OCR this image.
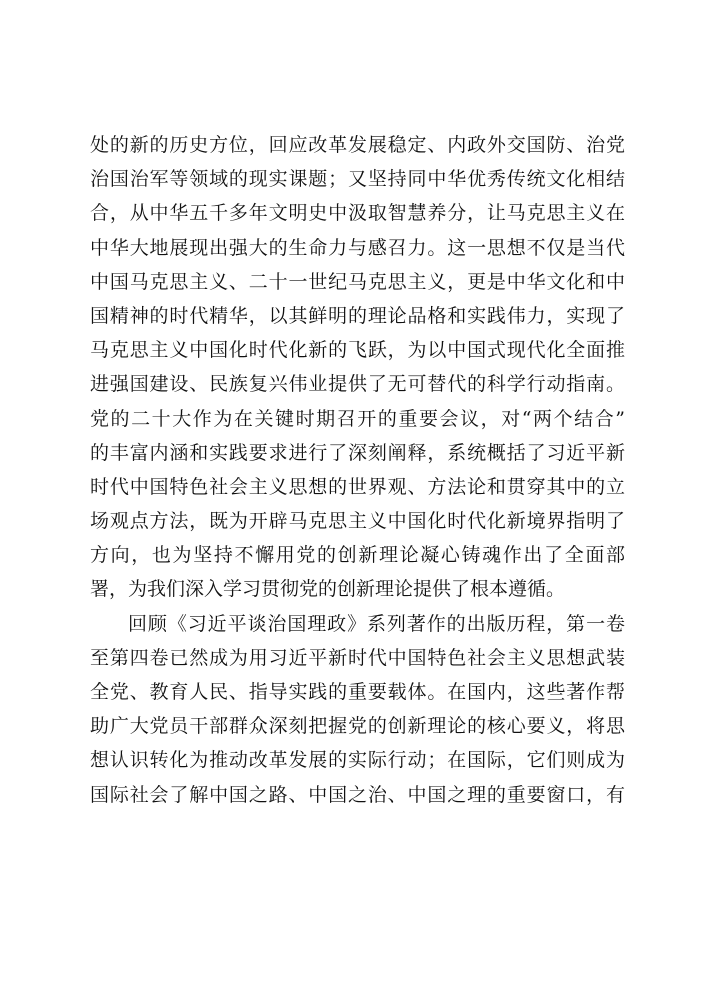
处的新的历史方位，回应改革发展稳定、内政外交国防、治党
治国治军等领域的现实课题；又坚持同中华优秀传统文化相结
合，从中华五千多年文明史中汲取智慧养分，让马克思主义在
中华大地展现出强大的生命力与感召力。这一思想不仅是当代
中国马克思主义、二十一世纪马克思主义，更是中华文化和中
国精神的时代精华，以其鲜明的理论品格和实践伟力，实现了
马克思主义中国化时代化新的飞跃，为以中国式现代化全面推
进强国建设、民族复兴伟业提供了无可替代的科学行动指南。
党的二十大作为在关键时期召开的重要会议，对“两个结合”
的丰富内涵和实践要求进行了深刻阐释，系统概括了习近平新
时代中国特色社会主义思想的世界观、方法论和贯穿其中的立
场观点方法，既为开辟马克思主义中国化时代化新境界指明了
方向，也为坚持不懈用党的创新理论凝心铸魂作出了全面部
署，为我们深入学习贯彻党的创新理论提供了根本遵循。
回顾《习近平谈治国理政》系列著作的出版历程，第一卷
至第四卷已然成为用习近平新时代中国特色社会主义思想武装
全党、教育人民、指导实践的重要载体。在国内，这些著作帮
助广大党员干部群众深刻把握党的创新理论的核心要义，将思
想认识转化为推动改革发展的实际行动；在国际，它们则成为
国际社会了解中国之路、中国之治、中国之理的重要窗口，有
